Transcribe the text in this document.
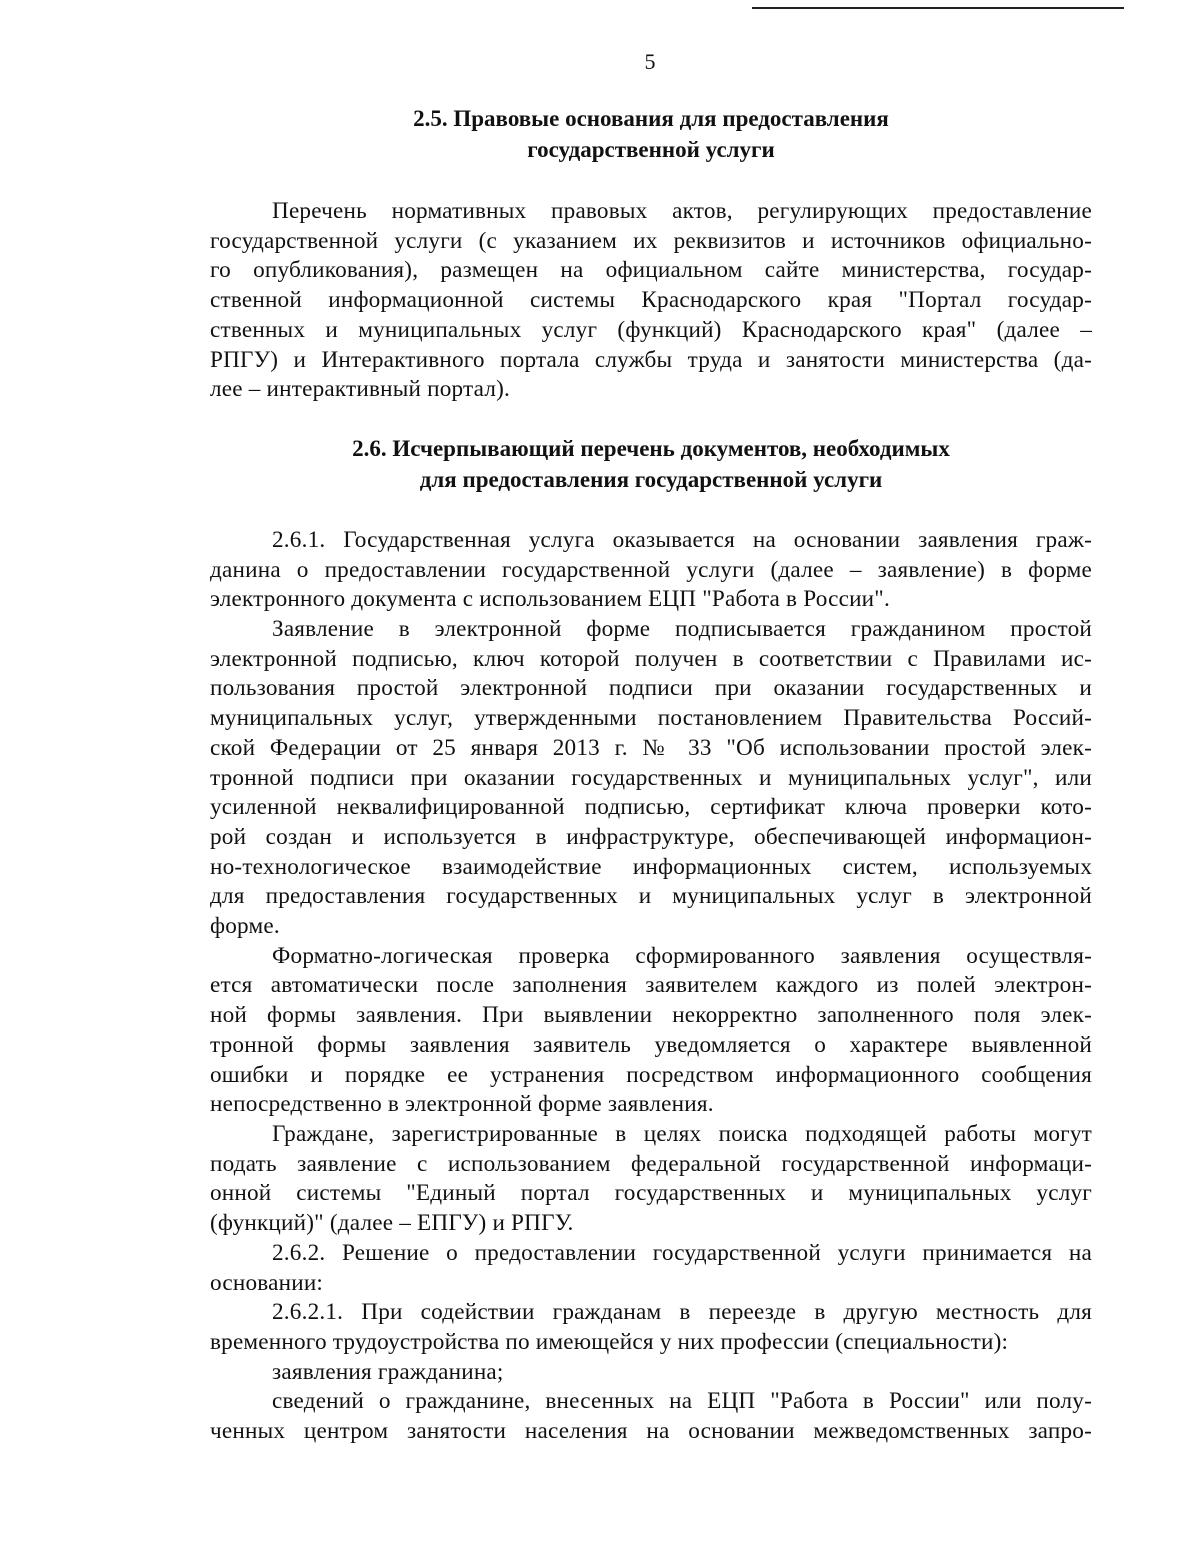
5
2.5. Правовые основания для предоставления
государственной услуги

Перечень нормативных правовых актов, регулирующих предоставление
государственной услуги (с указанием их реквизитов и источников официально-
го опубликования), размещен на официальном сайте министерства, государ-
ственной информационной системы Краснодарского края "Портал государ-
ственных и муниципальных услуг (функций) Краснодарского края" (далее –
РПГУ) и Интерактивного портала службы труда и занятости министерства (да-
лее – интерактивный портал).

2.6. Исчерпывающий перечень документов, необходимых
для предоставления государственной услуги

2.6.1. Государственная услуга оказывается на основании заявления граж-
данина о предоставлении государственной услуги (далее – заявление) в форме
электронного документа с использованием ЕЦП "Работа в России".

Заявление в электронной форме подписывается гражданином простой
электронной подписью, ключ которой получен в соответствии с Правилами ис-
пользования простой электронной подписи при оказании государственных и
муниципальных услуг, утвержденными постановлением Правительства Россий-
ской Федерации от 25 января 2013 г. № 33 "Об использовании простой элек-
тронной подписи при оказании государственных и муниципальных услуг", или
усиленной неквалифицированной подписью, сертификат ключа проверки кото-
рой создан и используется в инфраструктуре, обеспечивающей информацион-
но-технологическое взаимодействие информационных систем, используемых
для предоставления государственных и муниципальных услуг в электронной
форме.

Форматно-логическая проверка сформированного заявления осуществля-
ется автоматически после заполнения заявителем каждого из полей электрон-
ной формы заявления. При выявлении некорректно заполненного поля элек-
тронной формы заявления заявитель уведомляется о характере выявленной
ошибки и порядке ее устранения посредством информационного сообщения
непосредственно в электронной форме заявления.

Граждане, зарегистрированные в целях поиска подходящей работы могут
подать заявление с использованием федеральной государственной информаци-
онной системы "Единый портал государственных и муниципальных услуг
(функций)" (далее – ЕПГУ) и РПГУ.

2.6.2. Решение о предоставлении государственной услуги принимается на
основании:

2.6.2.1. При содействии гражданам в переезде в другую местность для
временного трудоустройства по имеющейся у них профессии (специальности):

заявления гражданина;

сведений о гражданине, внесенных на ЕЦП "Работа в России" или полу-
ченных центром занятости населения на основании межведомственных запро-
